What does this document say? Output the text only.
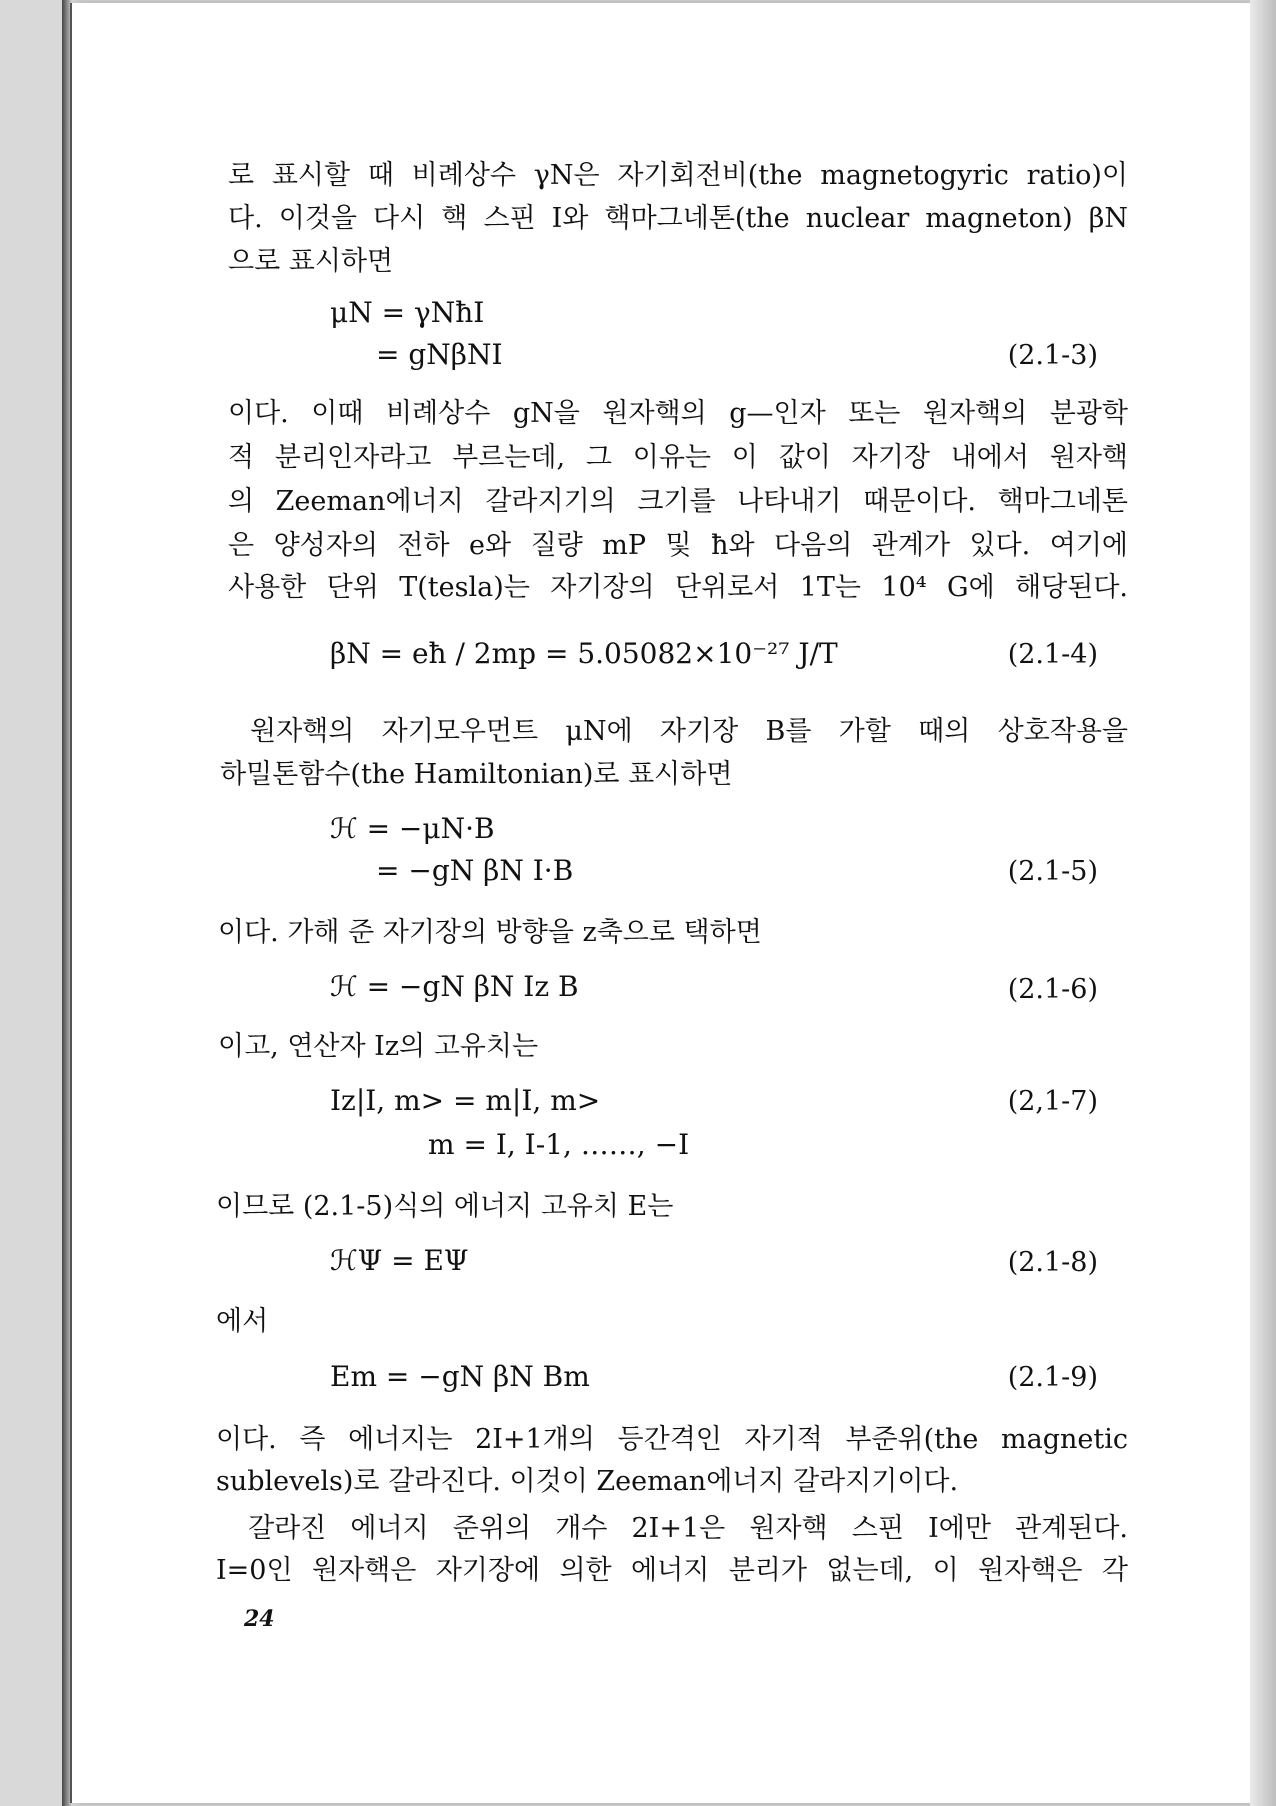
로 표시할 때 비례상수 γN은 자기회전비(the magnetogyric ratio)이
다. 이것을 다시 핵 스핀 I와 핵마그네톤(the nuclear magneton) βN
으로 표시하면
μN = γNħI
= gNβNI	(2.1-3)
이다. 이때 비례상수 gN을 원자핵의 g—인자 또는 원자핵의 분광학
적 분리인자라고 부르는데, 그 이유는 이 값이 자기장 내에서 원자핵
의 Zeeman에너지 갈라지기의 크기를 나타내기 때문이다. 핵마그네톤
은 양성자의 전하 e와 질량 mP 및 ħ와 다음의 관계가 있다. 여기에
사용한 단위 T(tesla)는 자기장의 단위로서 1T는 10⁴ G에 해당된다.
βN = eħ / 2mp = 5.05082×10⁻²⁷ J/T	(2.1-4)
원자핵의 자기모우먼트 μN에 자기장 B를 가할 때의 상호작용을
하밀톤함수(the Hamiltonian)로 표시하면
ℋ = −μN·B
= −gN βN I·B	(2.1-5)
이다. 가해 준 자기장의 방향을 z축으로 택하면
ℋ = −gN βN Iz B	(2.1-6)
이고, 연산자 Iz의 고유치는
Iz|I, m> = m|I, m>	(2,1-7)
m = I, I-1, ……, −I
이므로 (2.1-5)식의 에너지 고유치 E는
ℋΨ = EΨ	(2.1-8)
에서
Em = −gN βN Bm	(2.1-9)
이다. 즉 에너지는 2I+1개의 등간격인 자기적 부준위(the magnetic
sublevels)로 갈라진다. 이것이 Zeeman에너지 갈라지기이다.
갈라진 에너지 준위의 개수 2I+1은 원자핵 스핀 I에만 관계된다.
I=0인 원자핵은 자기장에 의한 에너지 분리가 없는데, 이 원자핵은 각
24
